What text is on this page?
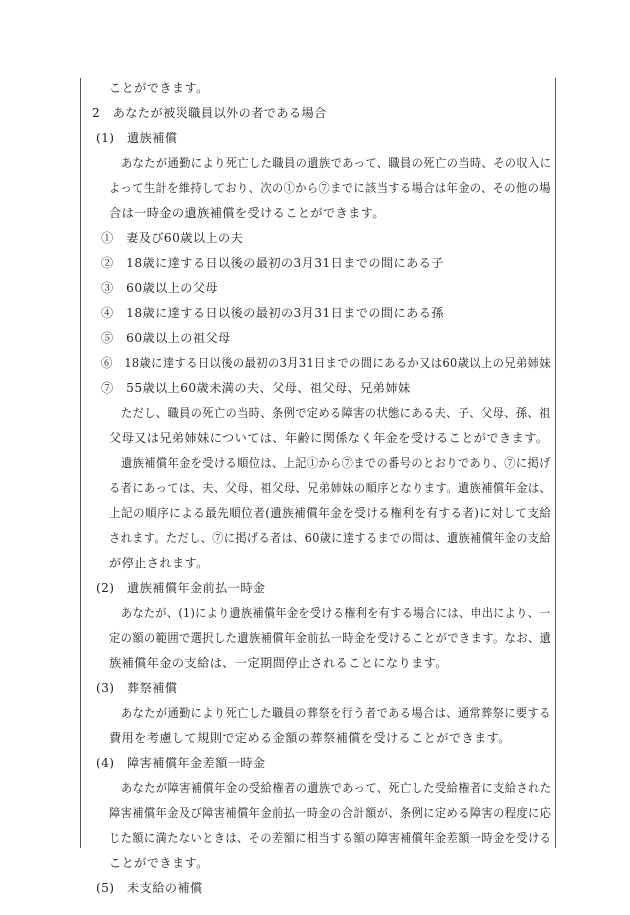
ことができます。
2　あなたが被災職員以外の者である場合
(1)　遺族補償
あなたが通勤により死亡した職員の遺族であって、職員の死亡の当時、その収入に
よって生計を維持しており、次の①から⑦までに該当する場合は年金の、その他の場
合は一時金の遺族補償を受けることができます。
①　妻及び60歳以上の夫
②　18歳に達する日以後の最初の3月31日までの間にある子
③　60歳以上の父母
④　18歳に達する日以後の最初の3月31日までの間にある孫
⑤　60歳以上の祖父母
⑥　18歳に達する日以後の最初の3月31日までの間にあるか又は60歳以上の兄弟姉妹
⑦　55歳以上60歳未満の夫、父母、祖父母、兄弟姉妹
ただし、職員の死亡の当時、条例で定める障害の状態にある夫、子、父母、孫、祖
父母又は兄弟姉妹については、年齢に関係なく年金を受けることができます。
遺族補償年金を受ける順位は、上記①から⑦までの番号のとおりであり、⑦に掲げ
る者にあっては、夫、父母、祖父母、兄弟姉妹の順序となります。遺族補償年金は、
上記の順序による最先順位者(遺族補償年金を受ける権利を有する者)に対して支給
されます。ただし、⑦に掲げる者は、60歳に達するまでの間は、遺族補償年金の支給
が停止されます。
(2)　遺族補償年金前払一時金
あなたが、(1)により遺族補償年金を受ける権利を有する場合には、申出により、一
定の額の範囲で選択した遺族補償年金前払一時金を受けることができます。なお、遺
族補償年金の支給は、一定期間停止されることになります。
(3)　葬祭補償
あなたが通勤により死亡した職員の葬祭を行う者である場合は、通常葬祭に要する
費用を考慮して規則で定める金額の葬祭補償を受けることができます。
(4)　障害補償年金差額一時金
あなたが障害補償年金の受給権者の遺族であって、死亡した受給権者に支給された
障害補償年金及び障害補償年金前払一時金の合計額が、条例に定める障害の程度に応
じた額に満たないときは、その差額に相当する額の障害補償年金差額一時金を受ける
ことができます。
(5)　未支給の補償
